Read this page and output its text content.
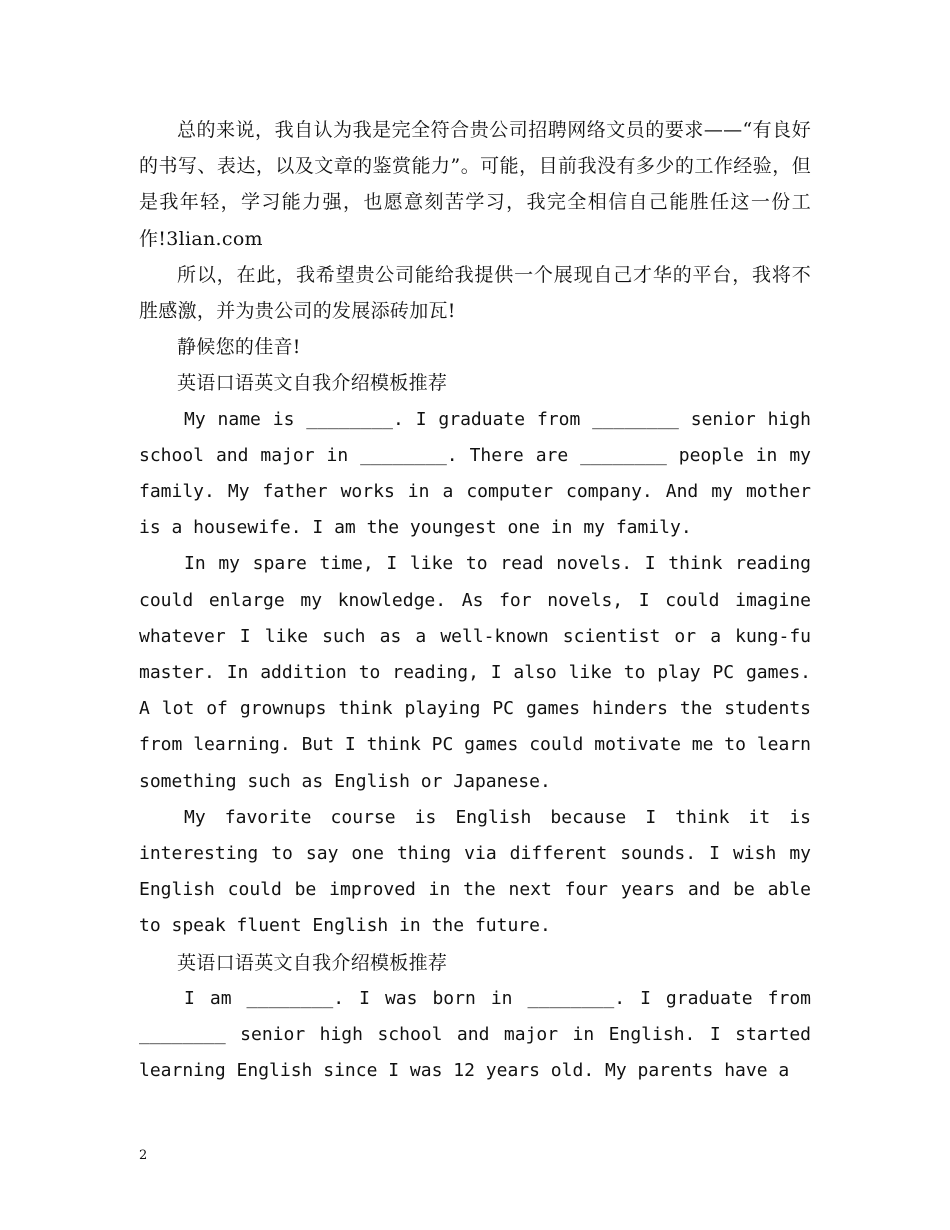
总的来说，我自认为我是完全符合贵公司招聘网络文员的要求——“有良好的书写、表达，以及文章的鉴赏能力”。可能，目前我没有多少的工作经验，但是我年轻，学习能力强，也愿意刻苦学习，我完全相信自己能胜任这一份工作!3lian.com

所以，在此，我希望贵公司能给我提供一个展现自己才华的平台，我将不胜感激，并为贵公司的发展添砖加瓦!

静候您的佳音!

英语口语英文自我介绍模板推荐

My name is ________. I graduate from ________ senior high school and major in ________. There are ________ people in my family. My father works in a computer company. And my mother is a housewife. I am the youngest one in my family.

In my spare time, I like to read novels. I think reading could enlarge my knowledge. As for novels, I could imagine whatever I like such as a well-known scientist or a kung-fu master. In addition to reading, I also like to play PC games. A lot of grownups think playing PC games hinders the students from learning. But I think PC games could motivate me to learn something such as English or Japanese.

My favorite course is English because I think it is interesting to say one thing via different sounds. I wish my English could be improved in the next four years and be able to speak fluent English in the future.

英语口语英文自我介绍模板推荐

I am ________. I was born in ________. I graduate from ________ senior high school and major in English. I started learning English since I was 12 years old. My parents have a

2
